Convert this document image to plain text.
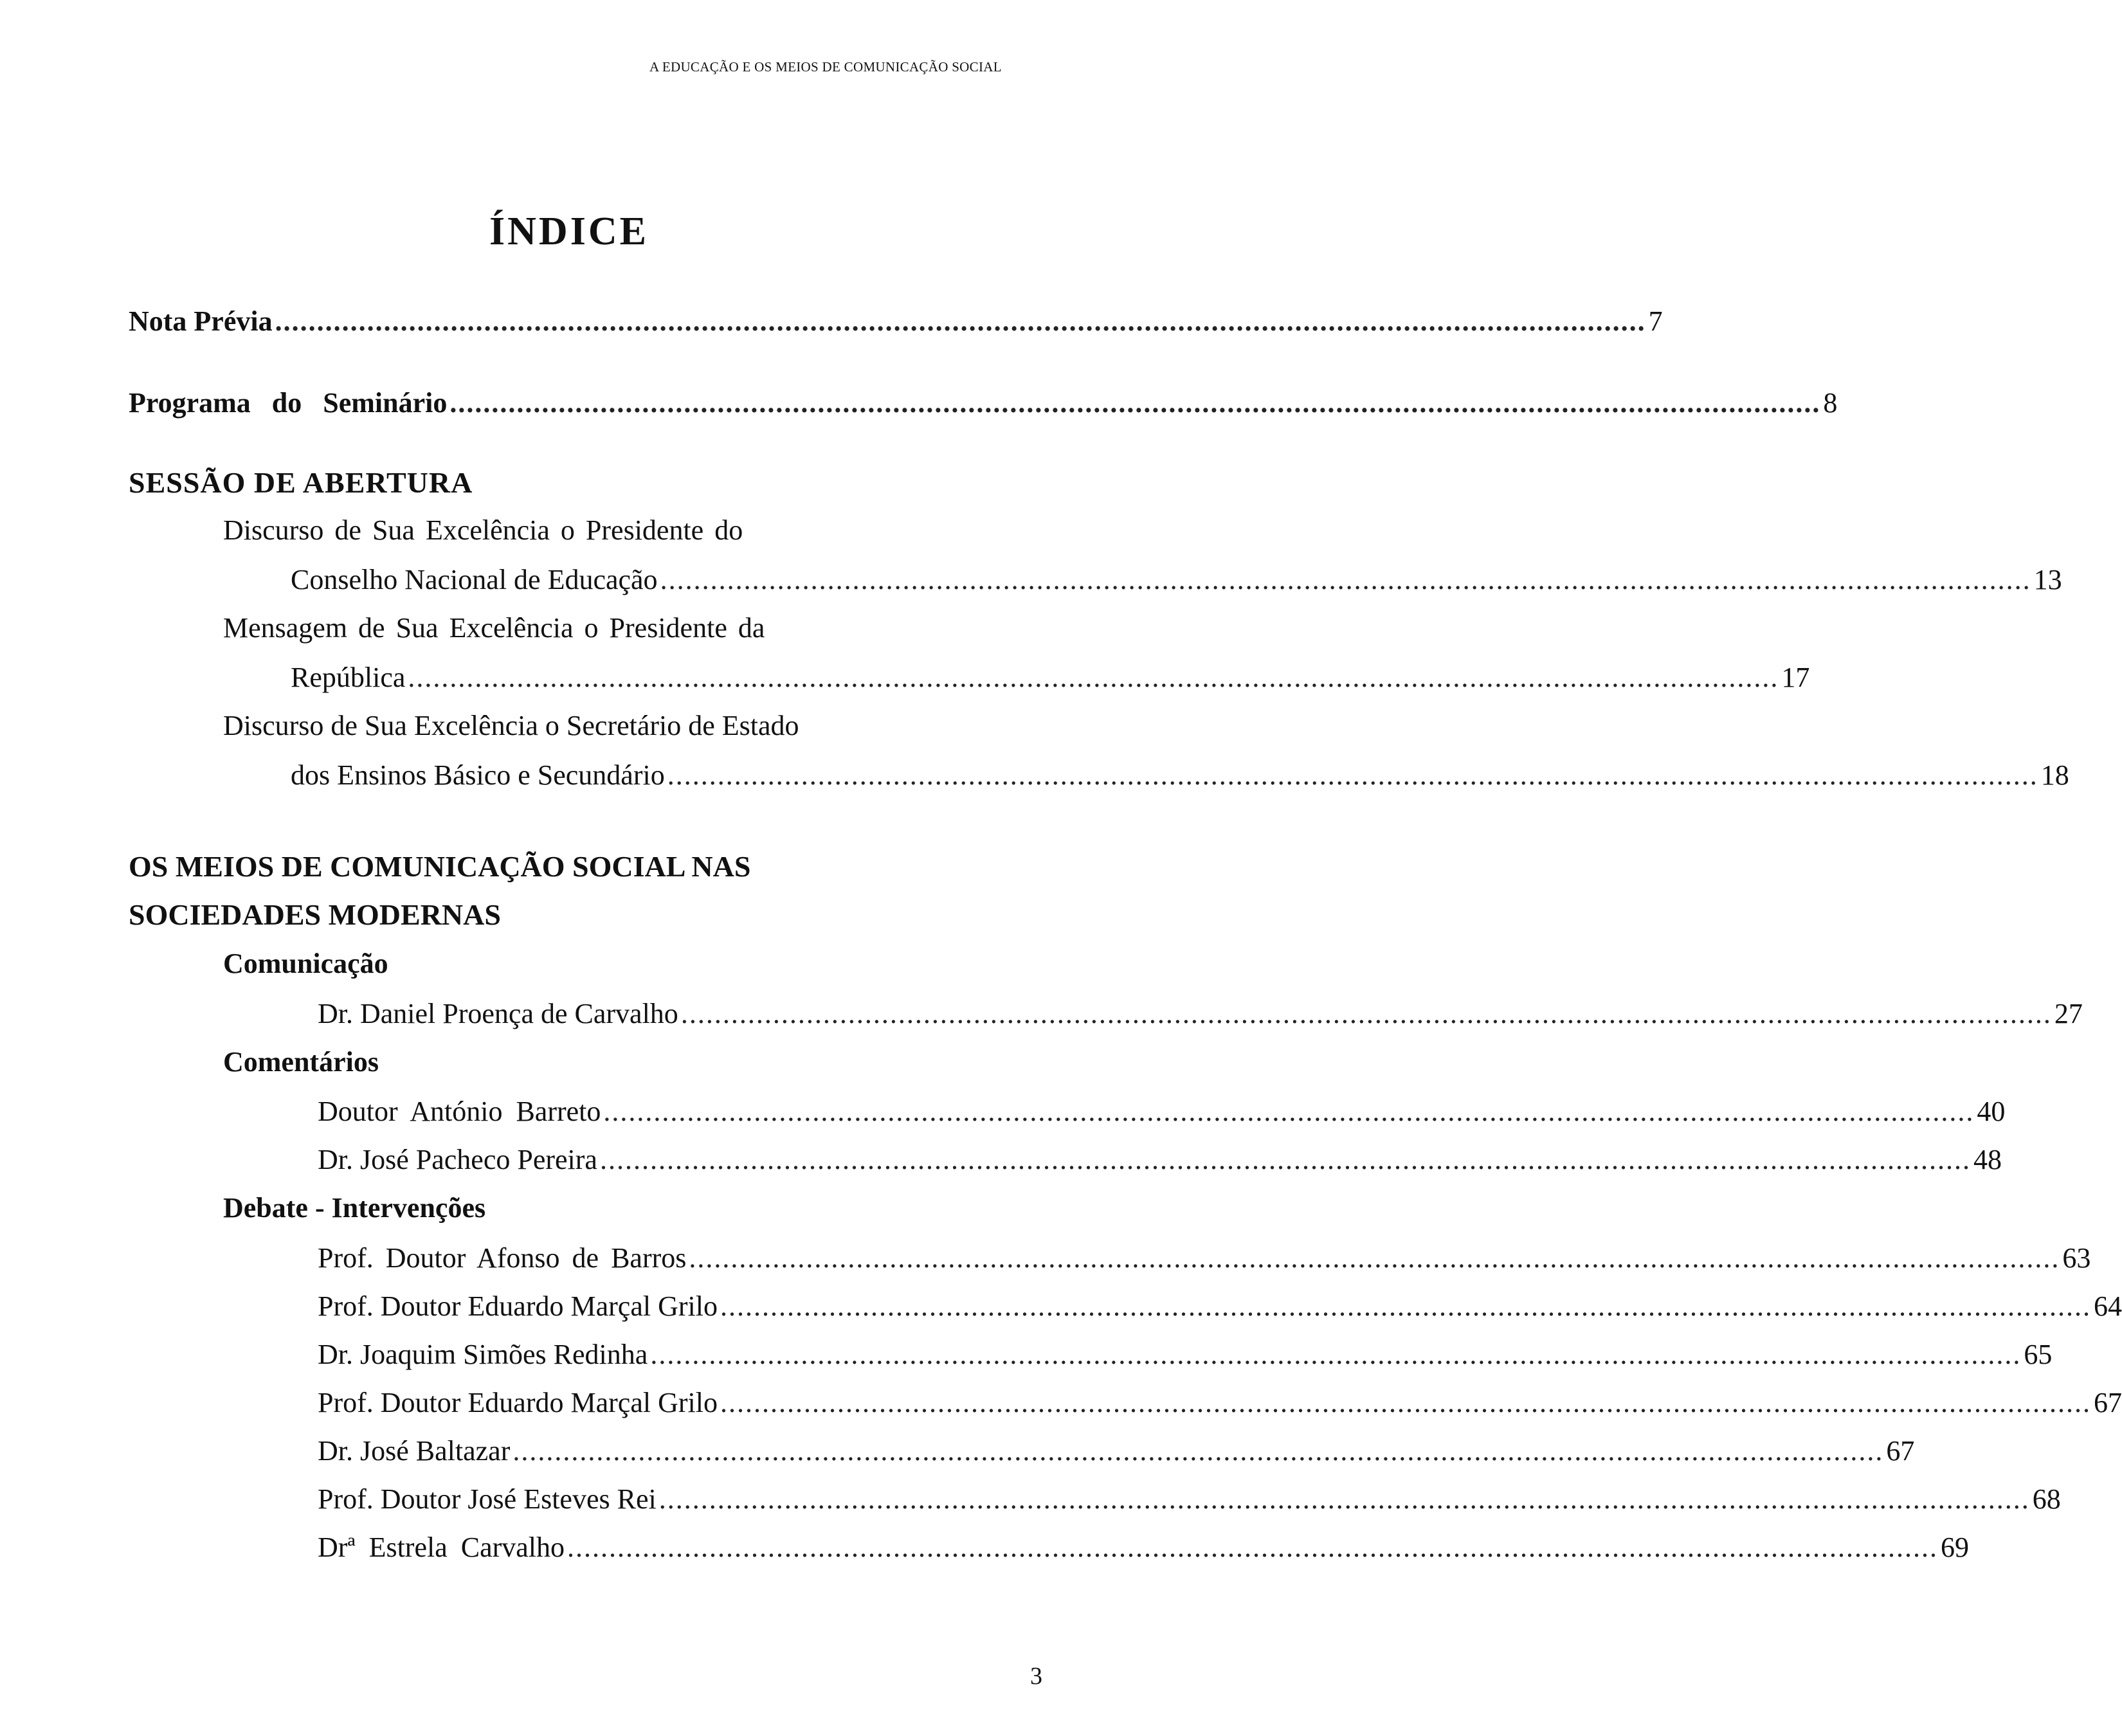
A EDUCAÇÃO E OS MEIOS DE COMUNICAÇÃO SOCIAL
ÍNDICE
Nota Prévia .................................................................................................................................................................... 7
Programa do Seminário .................................................................................................................................................................... 8
SESSÃO DE ABERTURA
Discurso de Sua Excelência o Presidente do
Conselho Nacional de Educação .................................................................................................................................................................... 13
Mensagem de Sua Excelência o Presidente da
República .................................................................................................................................................................... 17
Discurso de Sua Excelência o Secretário de Estado
dos Ensinos Básico e Secundário .................................................................................................................................................................... 18
OS MEIOS DE COMUNICAÇÃO SOCIAL NAS
SOCIEDADES MODERNAS
Comunicação
Dr. Daniel Proença de Carvalho .................................................................................................................................................................... 27
Comentários
Doutor António Barreto .................................................................................................................................................................... 40
Dr. José Pacheco Pereira .................................................................................................................................................................... 48
Debate - Intervenções
Prof. Doutor Afonso de Barros .................................................................................................................................................................... 63
Prof. Doutor Eduardo Marçal Grilo .................................................................................................................................................................... 64
Dr. Joaquim Simões Redinha .................................................................................................................................................................... 65
Prof. Doutor Eduardo Marçal Grilo .................................................................................................................................................................... 67
Dr. José Baltazar .................................................................................................................................................................... 67
Prof. Doutor José Esteves Rei .................................................................................................................................................................... 68
Drª Estrela Carvalho .................................................................................................................................................................... 69
3
